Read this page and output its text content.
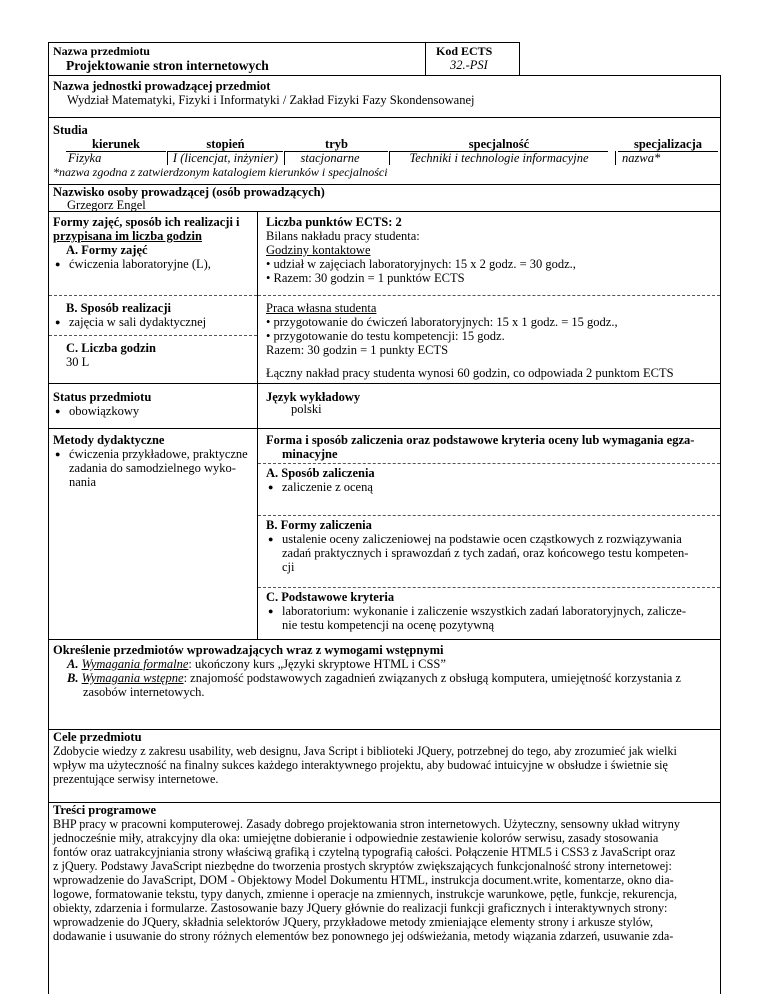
Nazwa przedmiotu
Projektowanie stron internetowych
Kod ECTS
32.-PSI
Nazwa jednostki prowadzącej przedmiot
Wydział Matematyki, Fizyki i Informatyki / Zakład Fizyki Fazy Skondensowanej
Studia
kierunek	stopień	tryb	specjalność	specjalizacja
Fizyka	I (licencjat, inżynier)	stacjonarne	Techniki i technologie informacyjne	nazwa*
*nazwa zgodna z zatwierdzonym katalogiem kierunków i specjalności
Nazwisko osoby prowadzącej (osób prowadzących)
Grzegorz Engel
Formy zajęć, sposób ich realizacji i
przypisana im liczba godzin
A. Formy zajęć
● ćwiczenia laboratoryjne (L),
B. Sposób realizacji
● zajęcia w sali dydaktycznej
C. Liczba godzin
30 L
Liczba punktów ECTS: 2
Bilans nakładu pracy studenta:
Godziny kontaktowe
• udział w zajęciach laboratoryjnych: 15 x 2 godz. = 30 godz.,
• Razem: 30 godzin = 1 punktów ECTS
Praca własna studenta
• przygotowanie do ćwiczeń laboratoryjnych: 15 x 1 godz. = 15 godz.,
• przygotowanie do testu kompetencji: 15 godz.
Razem: 30 godzin = 1 punkty ECTS
Łączny nakład pracy studenta wynosi 60 godzin, co odpowiada 2 punktom ECTS
Status przedmiotu
● obowiązkowy
Język wykładowy
polski
Metody dydaktyczne
● ćwiczenia przykładowe, praktyczne
zadania do samodzielnego wyko-
nania
Forma i sposób zaliczenia oraz podstawowe kryteria oceny lub wymagania egza-
minacyjne
A. Sposób zaliczenia
● zaliczenie z oceną
B. Formy zaliczenia
● ustalenie oceny zaliczeniowej na podstawie ocen cząstkowych z rozwiązywania
zadań praktycznych i sprawozdań z tych zadań, oraz końcowego testu kompeten-
cji
C. Podstawowe kryteria
● laboratorium: wykonanie i zaliczenie wszystkich zadań laboratoryjnych, zalicze-
nie testu kompetencji na ocenę pozytywną
Określenie przedmiotów wprowadzających wraz z wymogami wstępnymi
A. Wymagania formalne: ukończony kurs „Języki skryptowe HTML i CSS”
B. Wymagania wstępne: znajomość podstawowych zagadnień związanych z obsługą komputera, umiejętność korzystania z
zasobów internetowych.
Cele przedmiotu
Zdobycie wiedzy z zakresu usability, web designu, Java Script i biblioteki JQuery, potrzebnej do tego, aby zrozumieć jak wielki
wpływ ma użyteczność na finalny sukces każdego interaktywnego projektu, aby budować intuicyjne w obsłudze i świetnie się
prezentujące serwisy internetowe.
Treści programowe
BHP pracy w pracowni komputerowej. Zasady dobrego projektowania stron internetowych. Użyteczny, sensowny układ witryny
jednocześnie miły, atrakcyjny dla oka: umiejętne dobieranie i odpowiednie zestawienie kolorów serwisu, zasady stosowania
fontów oraz uatrakcyjniania strony właściwą grafiką i czytelną typografią całości. Połączenie HTML5 i CSS3 z JavaScript oraz
z jQuery. Podstawy JavaScript niezbędne do tworzenia prostych skryptów zwiększających funkcjonalność strony internetowej:
wprowadzenie do JavaScript, DOM - Objektowy Model Dokumentu HTML, instrukcja document.write, komentarze, okno dia-
logowe, formatowanie tekstu, typy danych, zmienne i operacje na zmiennych, instrukcje warunkowe, pętle, funkcje, rekurencja,
obiekty, zdarzenia i formularze. Zastosowanie bazy JQuery głównie do realizacji funkcji graficznych i interaktywnych strony:
wprowadzenie do JQuery, składnia selektorów JQuery, przykładowe metody zmieniające elementy strony i arkusze stylów,
dodawanie i usuwanie do strony różnych elementów bez ponownego jej odświeżania, metody wiązania zdarzeń, usuwanie zda-
